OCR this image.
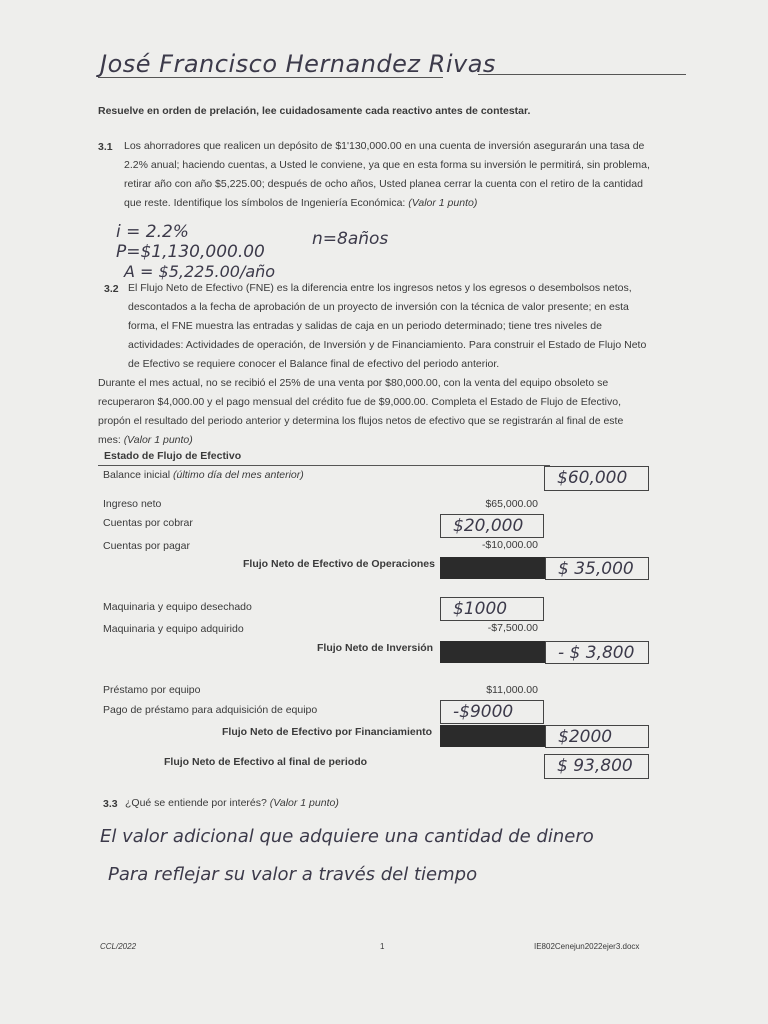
José Francisco Hernandez Rivas
Resuelve en orden de prelación, lee cuidadosamente cada reactivo antes de contestar.
3.1 Los ahorradores que realicen un depósito de $1'130,000.00 en una cuenta de inversión asegurarán una tasa de
2.2% anual; haciendo cuentas, a Usted le conviene, ya que en esta forma su inversión le permitirá, sin problema,
retirar año con año $5,225.00; después de ocho años, Usted planea cerrar la cuenta con el retiro de la cantidad
que reste. Identifique los símbolos de Ingeniería Económica: (Valor 1 punto)
i = 2.2%
P=$1,130,000.00
A = $5,225.00/año
n=8años
3.2 El Flujo Neto de Efectivo (FNE) es la diferencia entre los ingresos netos y los egresos o desembolsos netos,
descontados a la fecha de aprobación de un proyecto de inversión con la técnica de valor presente; en esta
forma, el FNE muestra las entradas y salidas de caja en un periodo determinado; tiene tres niveles de
actividades: Actividades de operación, de Inversión y de Financiamiento. Para construir el Estado de Flujo Neto
de Efectivo se requiere conocer el Balance final de efectivo del periodo anterior.
Durante el mes actual, no se recibió el 25% de una venta por $80,000.00, con la venta del equipo obsoleto se
recuperaron $4,000.00 y el pago mensual del crédito fue de $9,000.00. Completa el Estado de Flujo de Efectivo,
propón el resultado del periodo anterior y determina los flujos netos de efectivo que se registrarán al final de este
mes: (Valor 1 punto)
Estado de Flujo de Efectivo
Balance inicial (último día del mes anterior)	$60,000
Ingreso neto	$65,000.00
Cuentas por cobrar	$20,000
Cuentas por pagar	-$10,000.00
Flujo Neto de Efectivo de Operaciones	$ 35,000
Maquinaria y equipo desechado	$1000
Maquinaria y equipo adquirido	-$7,500.00
Flujo Neto de Inversión	- $ 3,800
Préstamo por equipo	$11,000.00
Pago de préstamo para adquisición de equipo	-$9000
Flujo Neto de Efectivo por Financiamiento	$2000
Flujo Neto de Efectivo al final de periodo	$ 93,800
3.3 ¿Qué se entiende por interés? (Valor 1 punto)
El valor adicional que adquiere una cantidad de dinero
Para reflejar su valor a través del tiempo
CCL/2022	1	IE802Cenejun2022ejer3.docx
